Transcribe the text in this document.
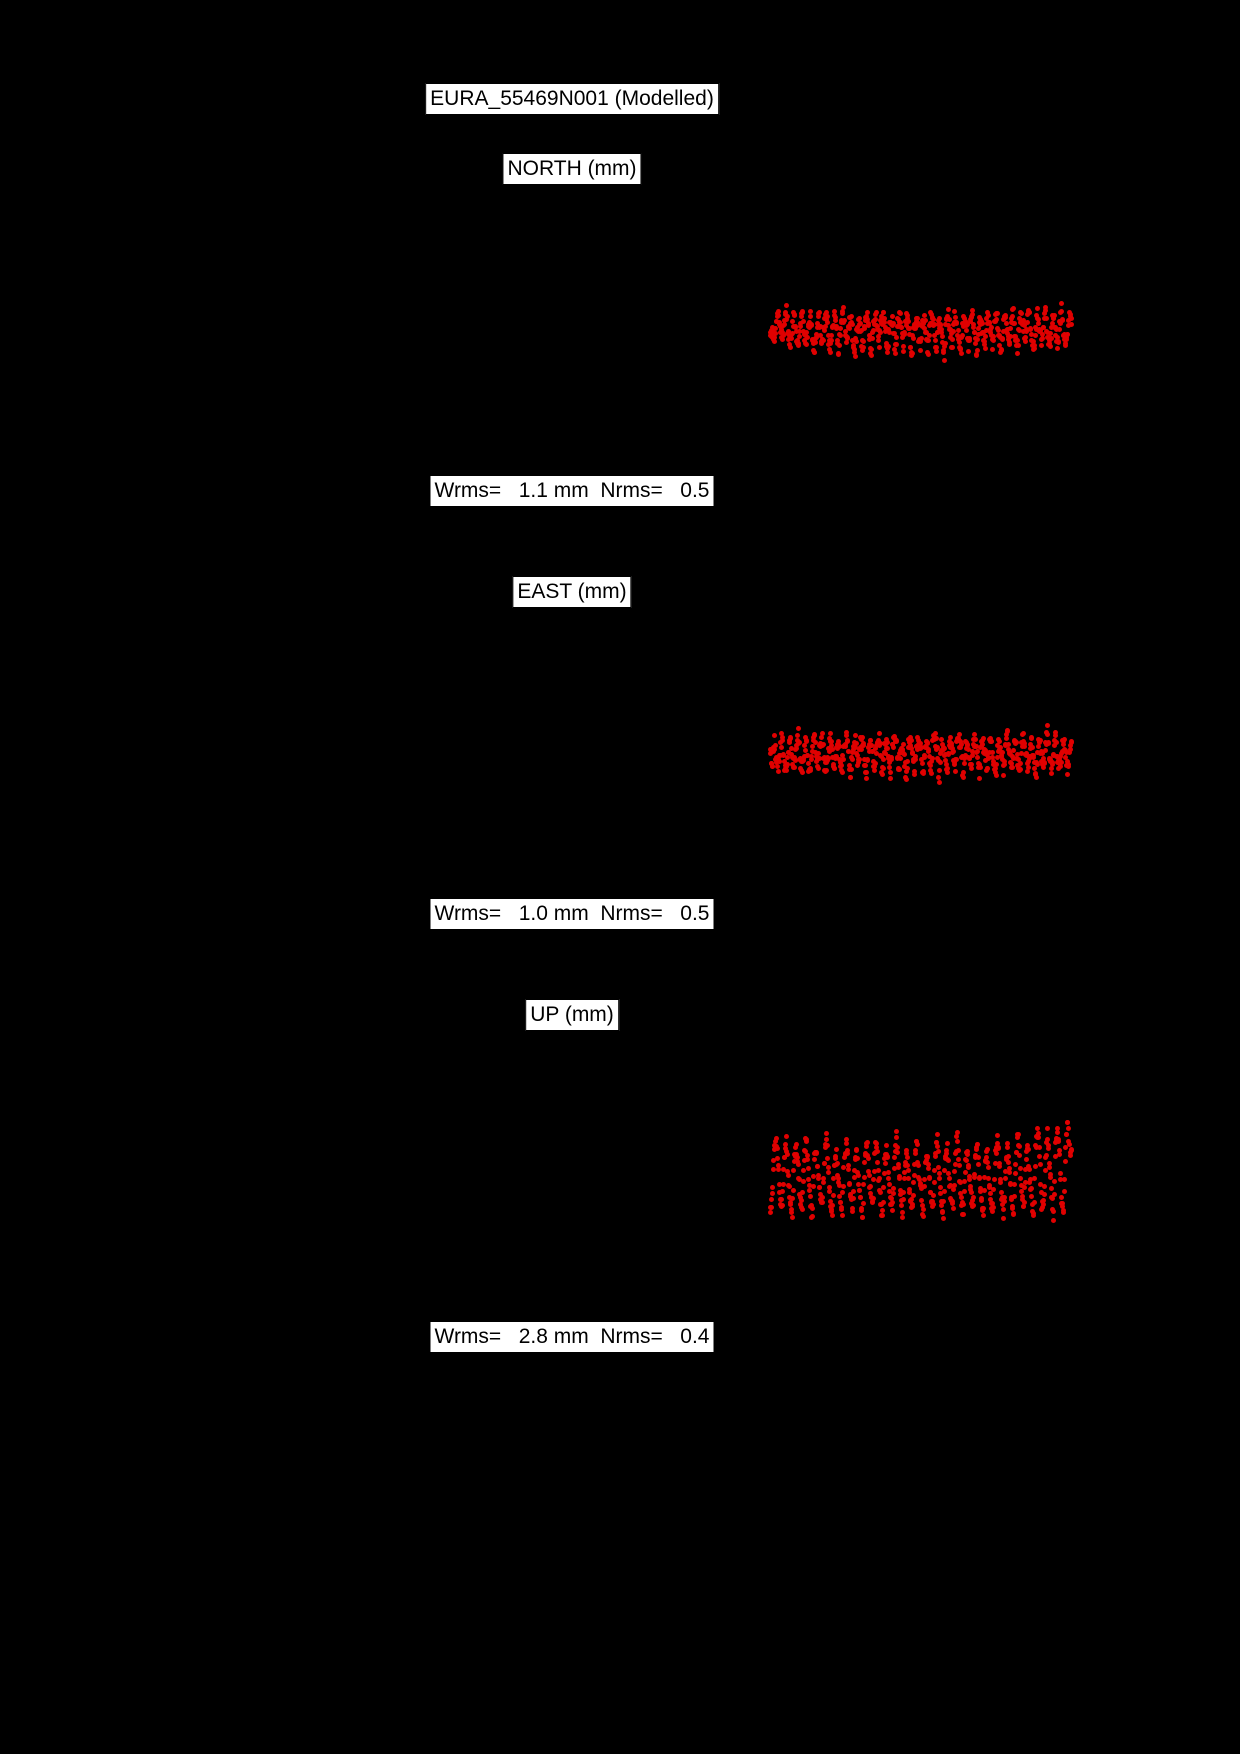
EURA_55469N001 (Modelled)
NORTH (mm)
Wrms=   1.1 mm  Nrms=   0.5
EAST (mm)
Wrms=   1.0 mm  Nrms=   0.5
UP (mm)
Wrms=   2.8 mm  Nrms=   0.4
